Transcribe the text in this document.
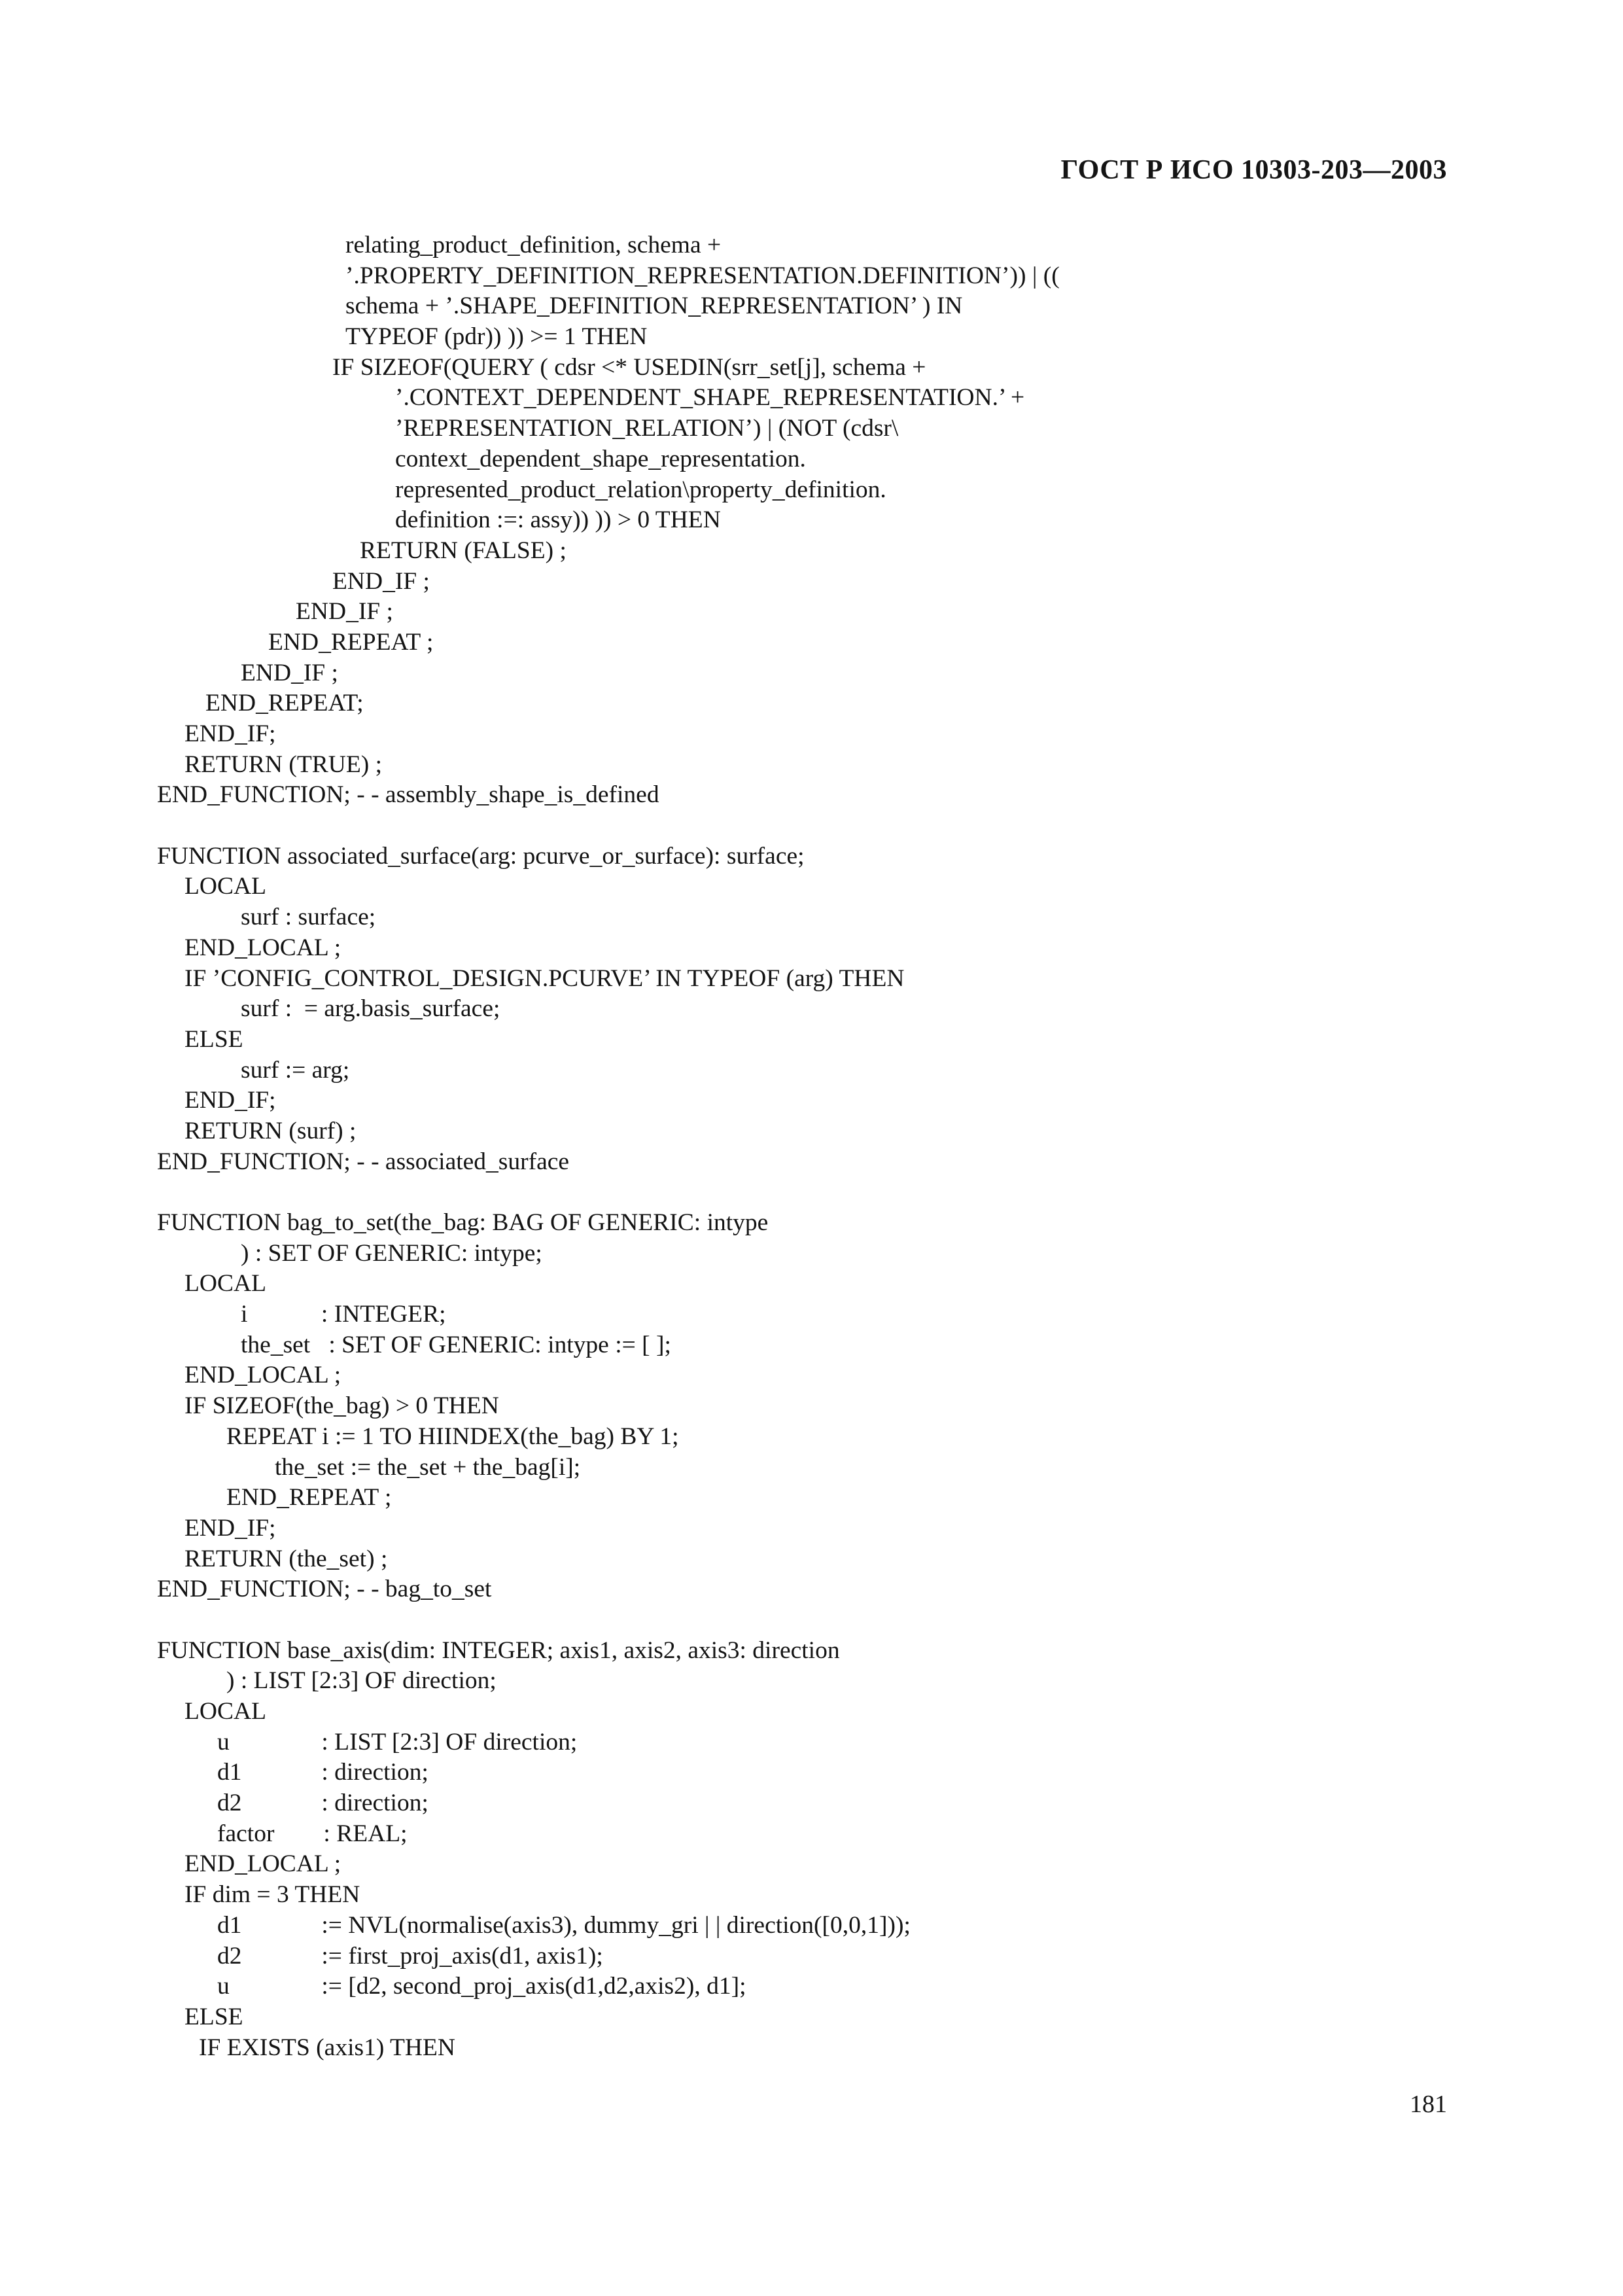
ГОСТ Р ИСО 10303-203—2003
relating_product_definition, schema +
’.PROPERTY_DEFINITION_REPRESENTATION.DEFINITION’)) | ((
schema + ’.SHAPE_DEFINITION_REPRESENTATION’ ) IN
TYPEOF (pdr)) )) >= 1 THEN
IF SIZEOF(QUERY ( cdsr <* USEDIN(srr_set[j], schema +
’.CONTEXT_DEPENDENT_SHAPE_REPRESENTATION.’ +
’REPRESENTATION_RELATION’) | (NOT (cdsr\
context_dependent_shape_representation.
represented_product_relation\property_definition.
definition :=: assy)) )) > 0 THEN
RETURN (FALSE) ;
END_IF ;
END_IF ;
END_REPEAT ;
END_IF ;
END_REPEAT;
END_IF;
RETURN (TRUE) ;
END_FUNCTION; - - assembly_shape_is_defined
FUNCTION associated_surface(arg: pcurve_or_surface): surface;
LOCAL
surf : surface;
END_LOCAL ;
IF ’CONFIG_CONTROL_DESIGN.PCURVE’ IN TYPEOF (arg) THEN
surf :  = arg.basis_surface;
ELSE
surf := arg;
END_IF;
RETURN (surf) ;
END_FUNCTION; - - associated_surface
FUNCTION bag_to_set(the_bag: BAG OF GENERIC: intype
) : SET OF GENERIC: intype;
LOCAL
i            : INTEGER;
the_set   : SET OF GENERIC: intype := [ ];
END_LOCAL ;
IF SIZEOF(the_bag) > 0 THEN
REPEAT i := 1 TO HIINDEX(the_bag) BY 1;
the_set := the_set + the_bag[i];
END_REPEAT ;
END_IF;
RETURN (the_set) ;
END_FUNCTION; - - bag_to_set
FUNCTION base_axis(dim: INTEGER; axis1, axis2, axis3: direction
) : LIST [2:3] OF direction;
LOCAL
u               : LIST [2:3] OF direction;
d1             : direction;
d2             : direction;
factor        : REAL;
END_LOCAL ;
IF dim = 3 THEN
d1             := NVL(normalise(axis3), dummy_gri | | direction([0,0,1]));
d2             := first_proj_axis(d1, axis1);
u               := [d2, second_proj_axis(d1,d2,axis2), d1];
ELSE
IF EXISTS (axis1) THEN
181
